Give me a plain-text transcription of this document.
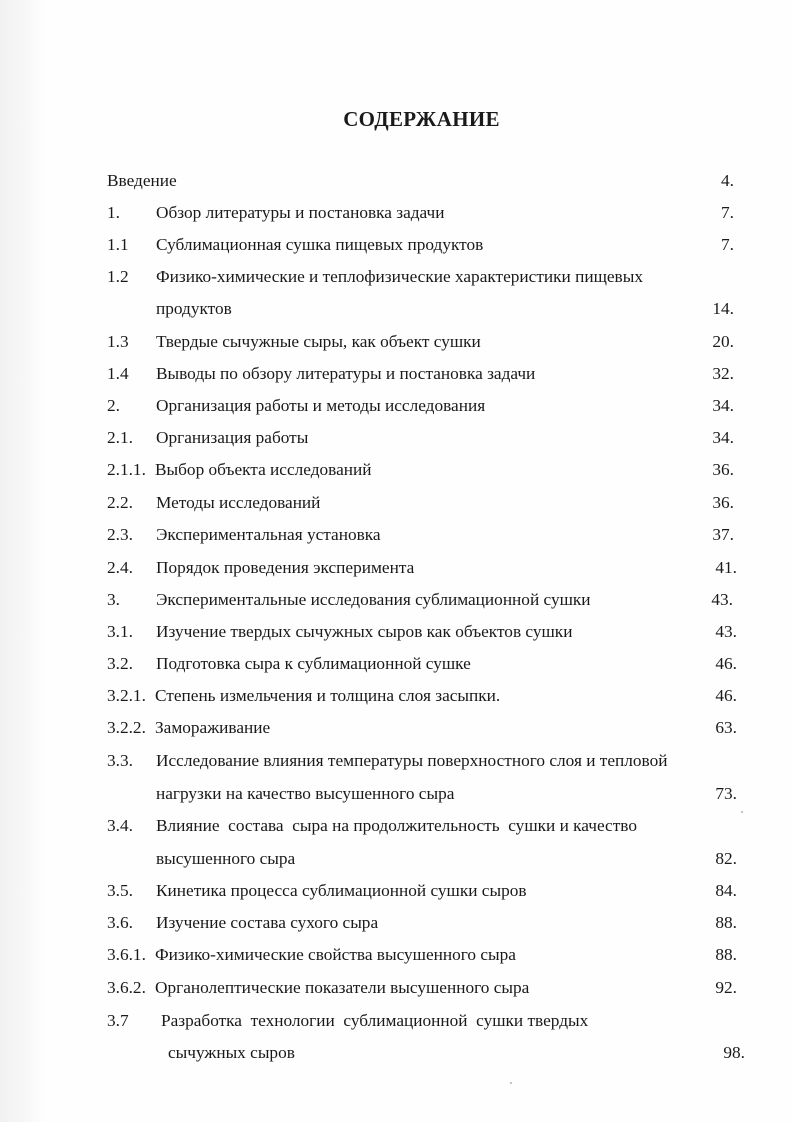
СОДЕРЖАНИЕ
Введение	4.
1. Обзор литературы и постановка задачи	7.
1.1 Сублимационная сушка пищевых продуктов	7.
1.2 Физико-химические и теплофизические характеристики пищевых
продуктов	14.
1.3 Твердые сычужные сыры, как объект сушки	20.
1.4 Выводы по обзору литературы и постановка задачи	32.
2. Организация работы и методы исследования	34.
2.1. Организация работы	34.
2.1.1. Выбор объекта исследований	36.
2.2. Методы исследований	36.
2.3. Экспериментальная установка	37.
2.4. Порядок проведения эксперимента	41.
3. Экспериментальные исследования сублимационной сушки	43.
3.1. Изучение твердых сычужных сыров как объектов сушки	43.
3.2. Подготовка сыра к сублимационной сушке	46.
3.2.1. Степень измельчения и толщина слоя засыпки.	46.
3.2.2. Замораживание	63.
3.3. Исследование влияния температуры поверхностного слоя и тепловой
нагрузки на качество высушенного сыра	73.
3.4. Влияние  состава  сыра на продолжительность  сушки и качество
высушенного сыра	82.
3.5. Кинетика процесса сублимационной сушки сыров	84.
3.6. Изучение состава сухого сыра	88.
3.6.1. Физико-химические свойства высушенного сыра	88.
3.6.2. Органолептические показатели высушенного сыра	92.
3.7 Разработка  технологии  сублимационной  сушки твердых
сычужных сыров	98.
